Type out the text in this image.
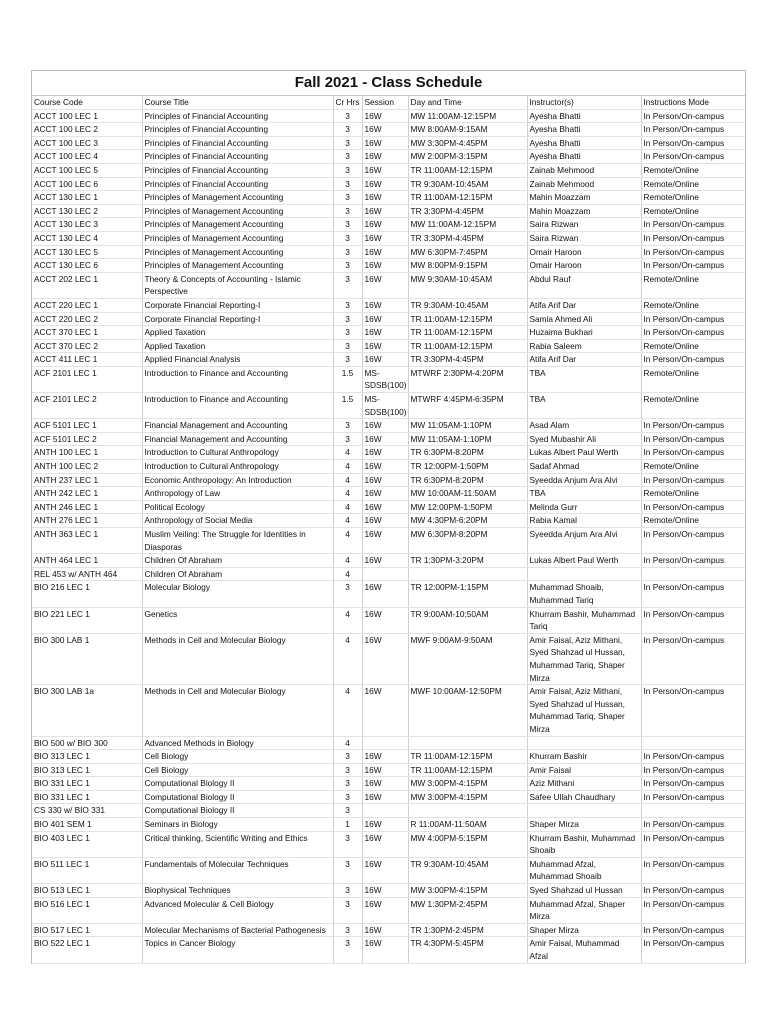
Fall 2021 - Class Schedule
Course Code	Course Title	Cr Hrs	Session	Day and Time	Instructor(s)	Instructions Mode
ACCT 100 LEC 1	Principles of Financial Accounting	3	16W	MW 11:00AM-12:15PM	Ayesha Bhatti	In Person/On-campus
ACCT 100 LEC 2	Principles of Financial Accounting	3	16W	MW 8:00AM-9:15AM	Ayesha Bhatti	In Person/On-campus
ACCT 100 LEC 3	Principles of Financial Accounting	3	16W	MW 3:30PM-4:45PM	Ayesha Bhatti	In Person/On-campus
ACCT 100 LEC 4	Principles of Financial Accounting	3	16W	MW 2:00PM-3:15PM	Ayesha Bhatti	In Person/On-campus
ACCT 100 LEC 5	Principles of Financial Accounting	3	16W	TR 11:00AM-12:15PM	Zainab Mehmood	Remote/Online
ACCT 100 LEC 6	Principles of Financial Accounting	3	16W	TR 9:30AM-10:45AM	Zainab Mehmood	Remote/Online
ACCT 130 LEC 1	Principles of Management Accounting	3	16W	TR 11:00AM-12:15PM	Mahin Moazzam	Remote/Online
ACCT 130 LEC 2	Principles of Management Accounting	3	16W	TR 3:30PM-4:45PM	Mahin Moazzam	Remote/Online
ACCT 130 LEC 3	Principles of Management Accounting	3	16W	MW 11:00AM-12:15PM	Saira Rizwan	In Person/On-campus
ACCT 130 LEC 4	Principles of Management Accounting	3	16W	TR 3:30PM-4:45PM	Saira Rizwan	In Person/On-campus
ACCT 130 LEC 5	Principles of Management Accounting	3	16W	MW 6:30PM-7:45PM	Omair Haroon	In Person/On-campus
ACCT 130 LEC 6	Principles of Management Accounting	3	16W	MW 8:00PM-9:15PM	Omair Haroon	In Person/On-campus
ACCT 202 LEC 1	Theory & Concepts of Accounting - Islamic Perspective	3	16W	MW 9:30AM-10:45AM	Abdul Rauf	Remote/Online
ACCT 220 LEC 1	Corporate Financial Reporting-I	3	16W	TR 9:30AM-10:45AM	Atifa Arif Dar	Remote/Online
ACCT 220 LEC 2	Corporate Financial Reporting-I	3	16W	TR 11:00AM-12:15PM	Samia Ahmed Ali	In Person/On-campus
ACCT 370 LEC 1	Applied Taxation	3	16W	TR 11:00AM-12:15PM	Huzaima Bukhari	In Person/On-campus
ACCT 370 LEC 2	Applied Taxation	3	16W	TR 11:00AM-12:15PM	Rabia Saleem	Remote/Online
ACCT 411 LEC 1	Applied Financial Analysis	3	16W	TR 3:30PM-4:45PM	Atifa Arif Dar	In Person/On-campus
ACF 2101 LEC 1	Introduction to Finance and Accounting	1.5	MS-SDSB(100)	MTWRF 2:30PM-4:20PM	TBA	Remote/Online
ACF 2101 LEC 2	Introduction to Finance and Accounting	1.5	MS-SDSB(100)	MTWRF 4:45PM-6:35PM	TBA	Remote/Online
ACF 5101 LEC 1	Financial Management and Accounting	3	16W	MW 11:05AM-1:10PM	Asad Alam	In Person/On-campus
ACF 5101 LEC 2	Financial Management and Accounting	3	16W	MW 11:05AM-1:10PM	Syed Mubashir Ali	In Person/On-campus
ANTH 100 LEC 1	Introduction to Cultural Anthropology	4	16W	TR 6:30PM-8:20PM	Lukas Albert Paul Werth	In Person/On-campus
ANTH 100 LEC 2	Introduction to Cultural Anthropology	4	16W	TR 12:00PM-1:50PM	Sadaf Ahmad	Remote/Online
ANTH 237 LEC 1	Economic Anthropology: An Introduction	4	16W	TR 6:30PM-8:20PM	Syeedda Anjum Ara Alvi	In Person/On-campus
ANTH 242 LEC 1	Anthropology of Law	4	16W	MW 10:00AM-11:50AM	TBA	Remote/Online
ANTH 246 LEC 1	Political Ecology	4	16W	MW 12:00PM-1:50PM	Melinda Gurr	In Person/On-campus
ANTH 276 LEC 1	Anthropology of Social Media	4	16W	MW 4:30PM-6:20PM	Rabia Kamal	Remote/Online
ANTH 363 LEC 1	Muslim Veiling: The Struggle for Identities in Diasporas	4	16W	MW 6:30PM-8:20PM	Syeedda Anjum Ara Alvi	In Person/On-campus
ANTH 464 LEC 1	Children Of Abraham	4	16W	TR 1:30PM-3:20PM	Lukas Albert Paul Werth	In Person/On-campus
REL 453 w/ ANTH 464	Children Of Abraham	4				
BIO 216 LEC 1	Molecular Biology	3	16W	TR 12:00PM-1:15PM	Muhammad Shoaib, Muhammad Tariq	In Person/On-campus
BIO 221 LEC 1	Genetics	4	16W	TR 9:00AM-10:50AM	Khurram Bashir, Muhammad Tariq	In Person/On-campus
BIO 300 LAB 1	Methods in Cell and Molecular Biology	4	16W	MWF 9:00AM-9:50AM	Amir Faisal, Aziz Mithani, Syed Shahzad ul Hussan, Muhammad Tariq, Shaper Mirza	In Person/On-campus
BIO 300 LAB 1a	Methods in Cell and Molecular Biology	4	16W	MWF 10:00AM-12:50PM	Amir Faisal, Aziz Mithani, Syed Shahzad ul Hussan, Muhammad Tariq, Shaper Mirza	In Person/On-campus
BIO 500 w/ BIO 300	Advanced Methods in Biology	4				
BIO 313 LEC 1	Cell Biology	3	16W	TR 11:00AM-12:15PM	Khurram Bashir	In Person/On-campus
BIO 313 LEC 1	Cell Biology	3	16W	TR 11:00AM-12:15PM	Amir Faisal	In Person/On-campus
BIO 331 LEC 1	Computational Biology II	3	16W	MW 3:00PM-4:15PM	Aziz Mithani	In Person/On-campus
BIO 331 LEC 1	Computational Biology II	3	16W	MW 3:00PM-4:15PM	Safee Ullah Chaudhary	In Person/On-campus
CS 330 w/ BIO 331	Computational Biology II	3				
BIO 401 SEM 1	Seminars in Biology	1	16W	R 11:00AM-11:50AM	Shaper Mirza	In Person/On-campus
BIO 403 LEC 1	Critical thinking, Scientific Writing and Ethics	3	16W	MW 4:00PM-5:15PM	Khurram Bashir, Muhammad Shoaib	In Person/On-campus
BIO 511 LEC 1	Fundamentals of Molecular Techniques	3	16W	TR 9:30AM-10:45AM	Muhammad Afzal, Muhammad Shoaib	In Person/On-campus
BIO 513 LEC 1	Biophysical Techniques	3	16W	MW 3:00PM-4:15PM	Syed Shahzad ul Hussan	In Person/On-campus
BIO 516 LEC 1	Advanced Molecular & Cell Biology	3	16W	MW 1:30PM-2:45PM	Muhammad Afzal, Shaper Mirza	In Person/On-campus
BIO 517 LEC 1	Molecular Mechanisms of Bacterial Pathogenesis	3	16W	TR 1:30PM-2:45PM	Shaper Mirza	In Person/On-campus
BIO 522 LEC 1	Topics in Cancer Biology	3	16W	TR 4:30PM-5:45PM	Amir Faisal, Muhammad Afzal	In Person/On-campus
